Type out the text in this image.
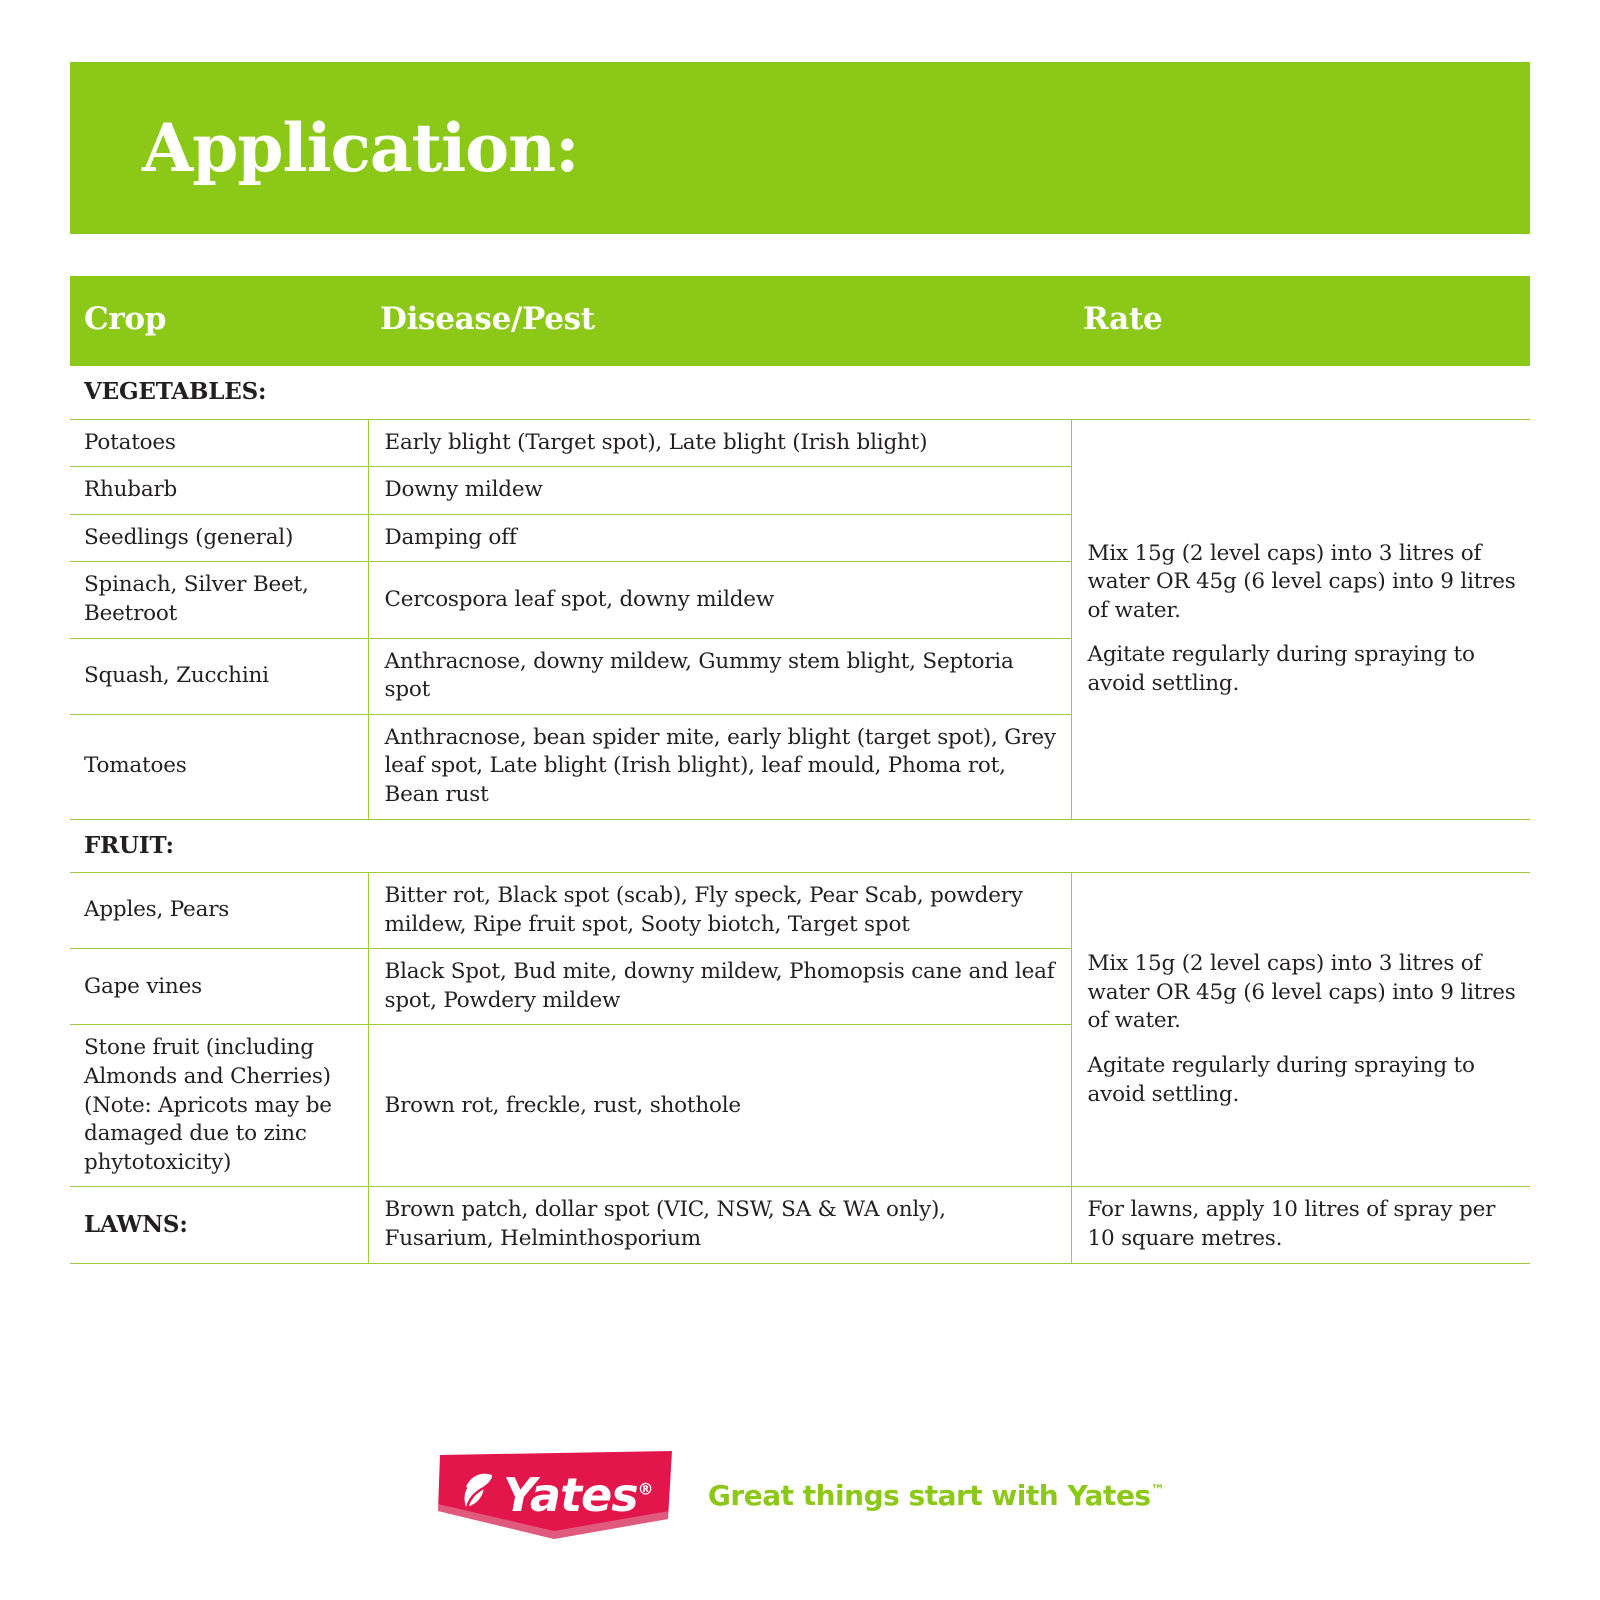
Application:
Crop	Disease/Pest	Rate
VEGETABLES:		
Potatoes	Early blight (Target spot), Late blight (Irish blight)	Mix 15g (2 level caps) into 3 litres of water OR 45g (6 level caps) into 9 litres of water.

Agitate regularly during spraying to avoid settling.

Rhubarb	Downy mildew	
Seedlings (general)	Damping off	
Spinach, Silver Beet, Beetroot	Cercospora leaf spot, downy mildew	
Squash, Zucchini	Anthracnose, downy mildew, Gummy stem blight, Septoria spot	
Tomatoes	Anthracnose, bean spider mite, early blight (target spot), Grey leaf spot, Late blight (Irish blight), leaf mould, Phoma rot, Bean rust	
FRUIT:		
Apples, Pears	Bitter rot, Black spot (scab), Fly speck, Pear Scab, powdery mildew, Ripe fruit spot, Sooty biotch, Target spot	Mix 15g (2 level caps) into 3 litres of water OR 45g (6 level caps) into 9 litres of water.

Agitate regularly during spraying to avoid settling.

Gape vines	Black Spot, Bud mite, downy mildew, Phomopsis cane and leaf spot, Powdery mildew	
Stone fruit (including Almonds and Cherries) (Note: Apricots may be damaged due to zinc phytotoxicity)	Brown rot, freckle, rust, shothole	
LAWNS:	Brown patch, dollar spot (VIC, NSW, SA & WA only), Fusarium, Helminthosporium	For lawns, apply 10 litres of spray per 10 square metres.
Yates® Great things start with Yates™
